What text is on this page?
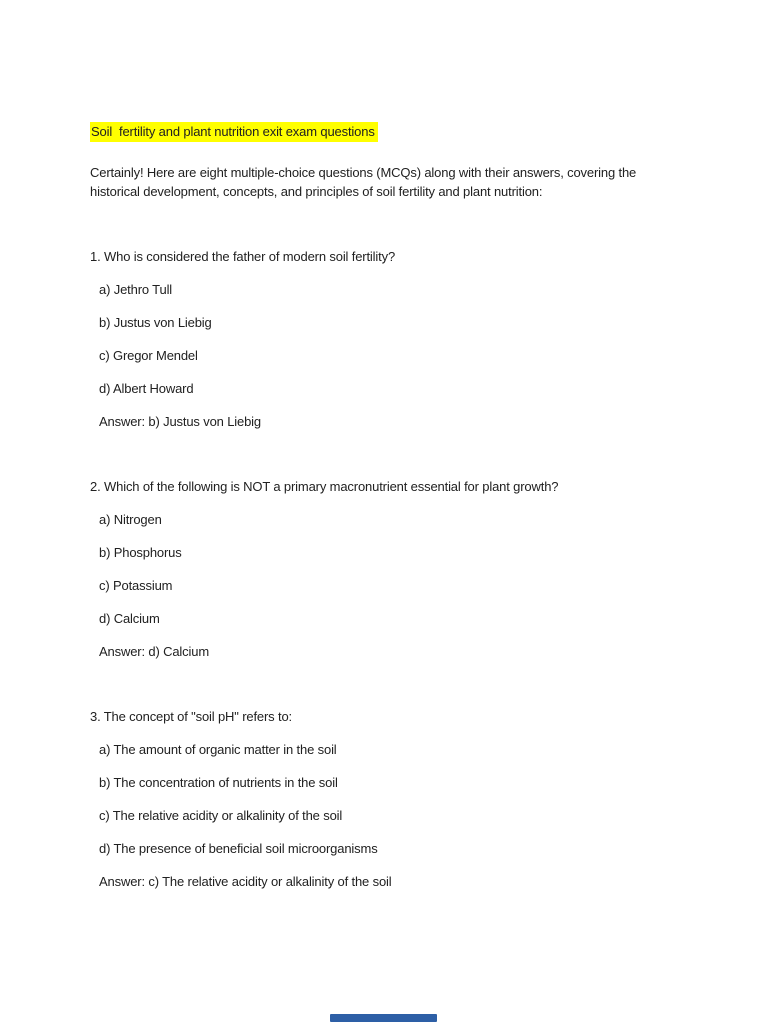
Soil  fertility and plant nutrition exit exam questions

Certainly! Here are eight multiple-choice questions (MCQs) along with their answers, covering the
historical development, concepts, and principles of soil fertility and plant nutrition:

1. Who is considered the father of modern soil fertility?

a) Jethro Tull

b) Justus von Liebig

c) Gregor Mendel

d) Albert Howard

Answer: b) Justus von Liebig

2. Which of the following is NOT a primary macronutrient essential for plant growth?

a) Nitrogen

b) Phosphorus

c) Potassium

d) Calcium

Answer: d) Calcium

3. The concept of "soil pH" refers to:

a) The amount of organic matter in the soil

b) The concentration of nutrients in the soil

c) The relative acidity or alkalinity of the soil

d) The presence of beneficial soil microorganisms

Answer: c) The relative acidity or alkalinity of the soil
